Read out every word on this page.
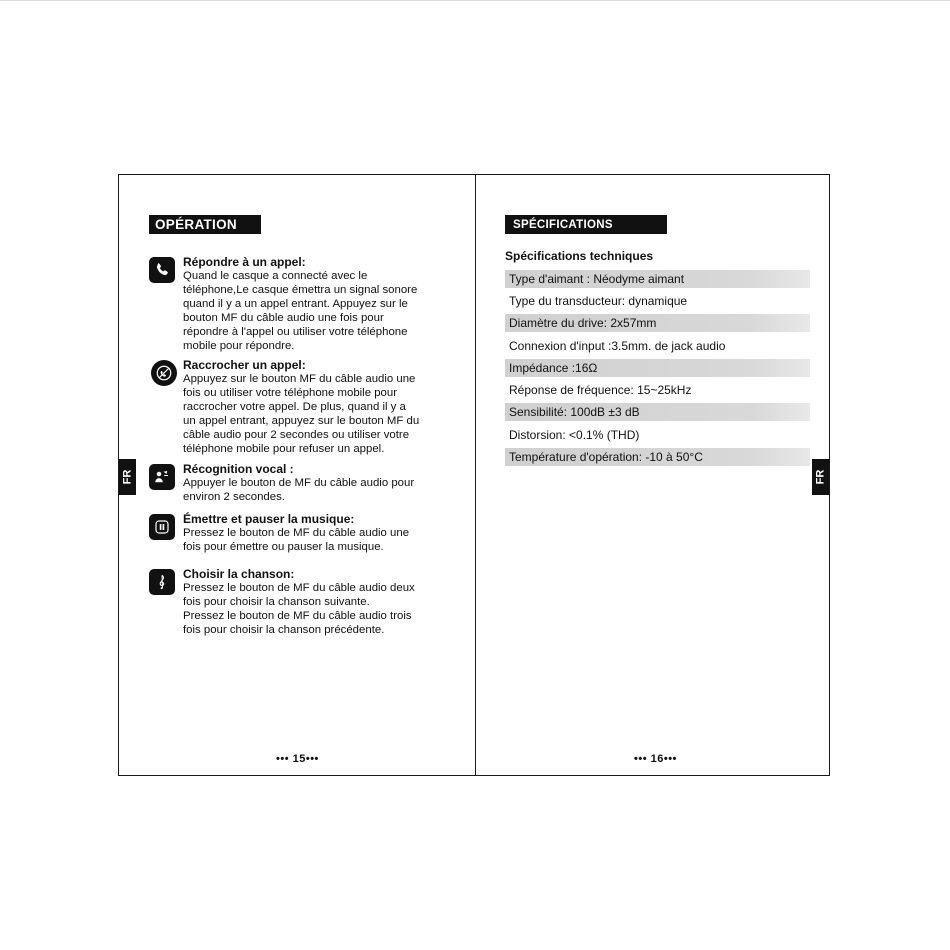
OPÉRATION
FR
Répondre à un appel:
Quand le casque a connecté avec le
téléphone,Le casque émettra un signal sonore
quand il y a un appel entrant. Appuyez sur le
bouton MF du câble audio une fois pour
répondre à l'appel ou utiliser votre téléphone
mobile pour répondre.
Raccrocher un appel:
Appuyez sur le bouton MF du câble audio une
fois ou utiliser votre téléphone mobile pour
raccrocher votre appel. De plus, quand il y a
un appel entrant, appuyez sur le bouton MF du
câble audio pour 2 secondes ou utiliser votre
téléphone mobile pour refuser un appel.
Récognition vocal :
Appuyer le bouton de MF du câble audio pour
environ 2 secondes.
Émettre et pauser la musique:
Pressez le bouton de MF du câble audio une
fois pour émettre ou pauser la musique.
Choisir la chanson:
Pressez le bouton de MF du câble audio deux
fois pour choisir la chanson suivante.
Pressez le bouton de MF du câble audio trois
fois pour choisir la chanson précédente.
••• 15•••
SPÉCIFICATIONS
Spécifications techniques
Type d'aimant : Néodyme aimant
Type du transducteur: dynamique
Diamètre du drive: 2x57mm
Connexion d'input :3.5mm. de jack audio
Impédance :16Ω
Réponse de fréquence: 15~25kHz
Sensibilité: 100dB ±3 dB
Distorsion: <0.1% (THD)
Température d'opération: -10 à 50°C
FR
••• 16•••
